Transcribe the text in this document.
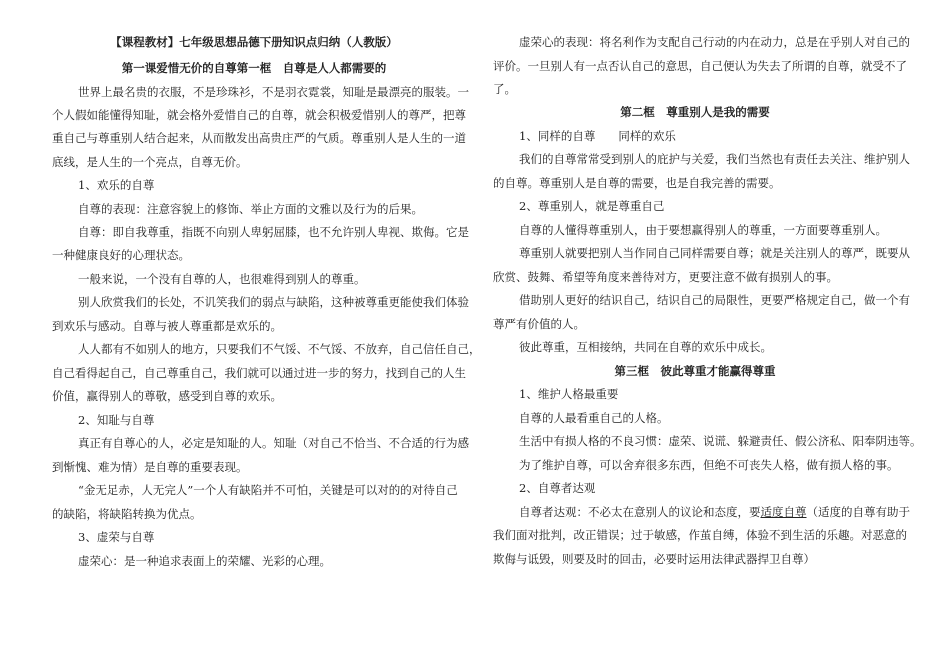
【课程教材】七年级思想品德下册知识点归纳（人教版）
第一课爱惜无价的自尊第一框　自尊是人人都需要的
世界上最名贵的衣服，不是珍珠衫，不是羽衣霓裳，知耻是最漂亮的服装。一
个人假如能懂得知耻，就会格外爱惜自己的自尊，就会积极爱惜别人的尊严，把尊
重自己与尊重别人结合起来，从而散发出高贵庄严的气质。尊重别人是人生的一道
底线，是人生的一个亮点，自尊无价。
1、欢乐的自尊
自尊的表现：注意容貌上的修饰、举止方面的文雅以及行为的后果。
自尊：即自我尊重，指既不向别人卑躬屈膝，也不允许别人卑视、欺侮。它是
一种健康良好的心理状态。
一般来说，一个没有自尊的人，也很难得到别人的尊重。
别人欣赏我们的长处，不讥笑我们的弱点与缺陷，这种被尊重更能使我们体验
到欢乐与感动。自尊与被人尊重都是欢乐的。
人人都有不如别人的地方，只要我们不气馁、不气馁、不放弃，自己信任自己，
自己看得起自己，自己尊重自己，我们就可以通过进一步的努力，找到自己的人生
价值，赢得别人的尊敬，感受到自尊的欢乐。
2、知耻与自尊
真正有自尊心的人，必定是知耻的人。知耻（对自己不恰当、不合适的行为感
到惭愧、难为情）是自尊的重要表现。
“金无足赤，人无完人”一个人有缺陷并不可怕，关键是可以对的的对待自己
的缺陷，将缺陷转换为优点。
3、虚荣与自尊
虚荣心：是一种追求表面上的荣耀、光彩的心理。
虚荣心的表现：将名利作为支配自己行动的内在动力，总是在乎别人对自己的
评价。一旦别人有一点否认自己的意思，自己便认为失去了所谓的自尊，就受不了
了。
第二框　尊重别人是我的需要
1、同样的自尊　　同样的欢乐
我们的自尊常常受到别人的庇护与关爱，我们当然也有责任去关注、维护别人
的自尊。尊重别人是自尊的需要，也是自我完善的需要。
2、尊重别人，就是尊重自己
自尊的人懂得尊重别人，由于要想赢得别人的尊重，一方面要尊重别人。
尊重别人就要把别人当作同自己同样需要自尊；就是关注别人的尊严，既要从
欣赏、鼓舞、希望等角度来善待对方，更要注意不做有损别人的事。
借助别人更好的结识自己，结识自己的局限性，更要严格规定自己，做一个有
尊严有价值的人。
彼此尊重，互相接纳，共同在自尊的欢乐中成长。
第三框　彼此尊重才能赢得尊重
1、维护人格最重要
自尊的人最看重自己的人格。
生活中有损人格的不良习惯：虚荣、说谎、躲避责任、假公济私、阳奉阴违等。
为了维护自尊，可以舍弃很多东西，但绝不可丧失人格，做有损人格的事。
2、自尊者达观
自尊者达观：不必太在意别人的议论和态度，要适度自尊（适度的自尊有助于
我们面对批判，改正错误；过于敏感，作茧自缚，体验不到生活的乐趣。对恶意的
欺侮与诋毁，则要及时的回击，必要时运用法律武器捍卫自尊）
